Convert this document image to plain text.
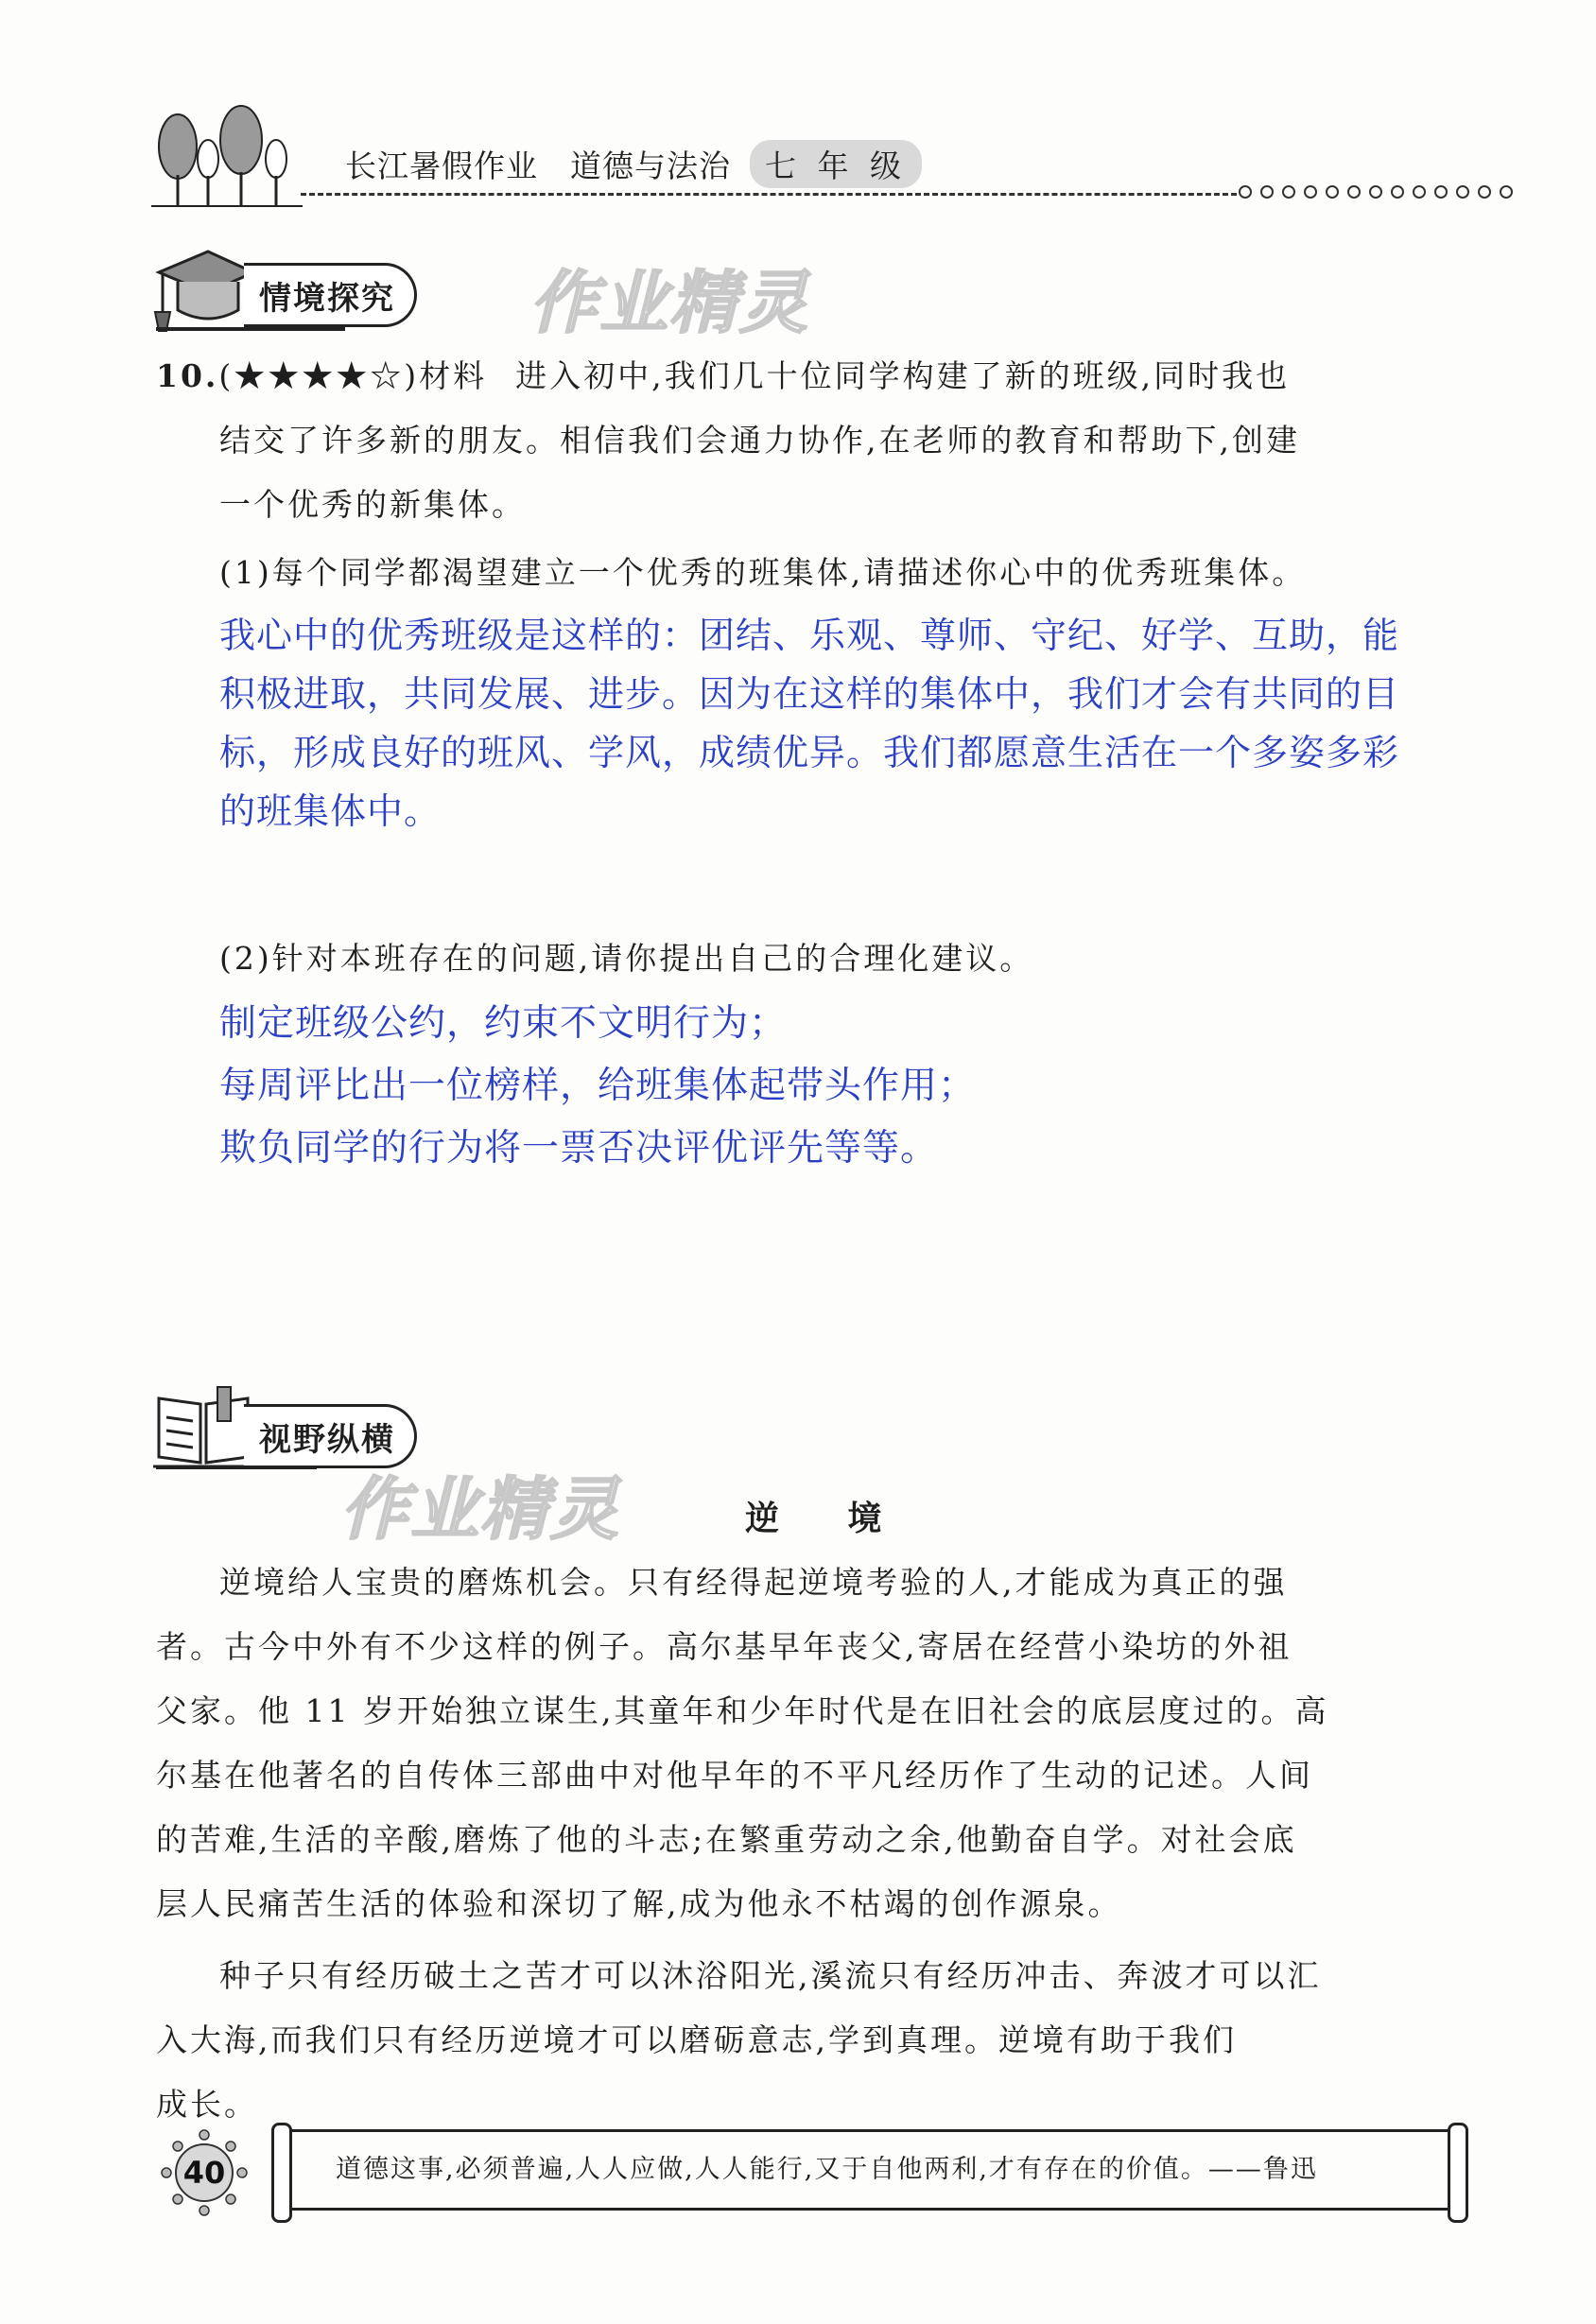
长江暑假作业 道德与法治 七 年 级
情境探究 作业精灵
10.(★★★★☆)材料 进入初中,我们几十位同学构建了新的班级,同时我也
结交了许多新的朋友。相信我们会通力协作,在老师的教育和帮助下,创建
一个优秀的新集体。
(1)每个同学都渴望建立一个优秀的班集体,请描述你心中的优秀班集体。
我心中的优秀班级是这样的：团结、乐观、尊师、守纪、好学、互助，能
积极进取，共同发展、进步。因为在这样的集体中，我们才会有共同的目
标，形成良好的班风、学风，成绩优异。我们都愿意生活在一个多姿多彩
的班集体中。
(2)针对本班存在的问题,请你提出自己的合理化建议。
制定班级公约，约束不文明行为；
每周评比出一位榜样，给班集体起带头作用；
欺负同学的行为将一票否决评优评先等等。
视野纵横
作业精灵	逆 境
逆境给人宝贵的磨炼机会。只有经得起逆境考验的人,才能成为真正的强
者。古今中外有不少这样的例子。高尔基早年丧父,寄居在经营小染坊的外祖
父家。他 11 岁开始独立谋生,其童年和少年时代是在旧社会的底层度过的。高
尔基在他著名的自传体三部曲中对他早年的不平凡经历作了生动的记述。人间
的苦难,生活的辛酸,磨炼了他的斗志;在繁重劳动之余,他勤奋自学。对社会底
层人民痛苦生活的体验和深切了解,成为他永不枯竭的创作源泉。
种子只有经历破土之苦才可以沐浴阳光,溪流只有经历冲击、奔波才可以汇
入大海,而我们只有经历逆境才可以磨砺意志,学到真理。逆境有助于我们
成长。
40	道德这事,必须普遍,人人应做,人人能行,又于自他两利,才有存在的价值。——鲁迅
